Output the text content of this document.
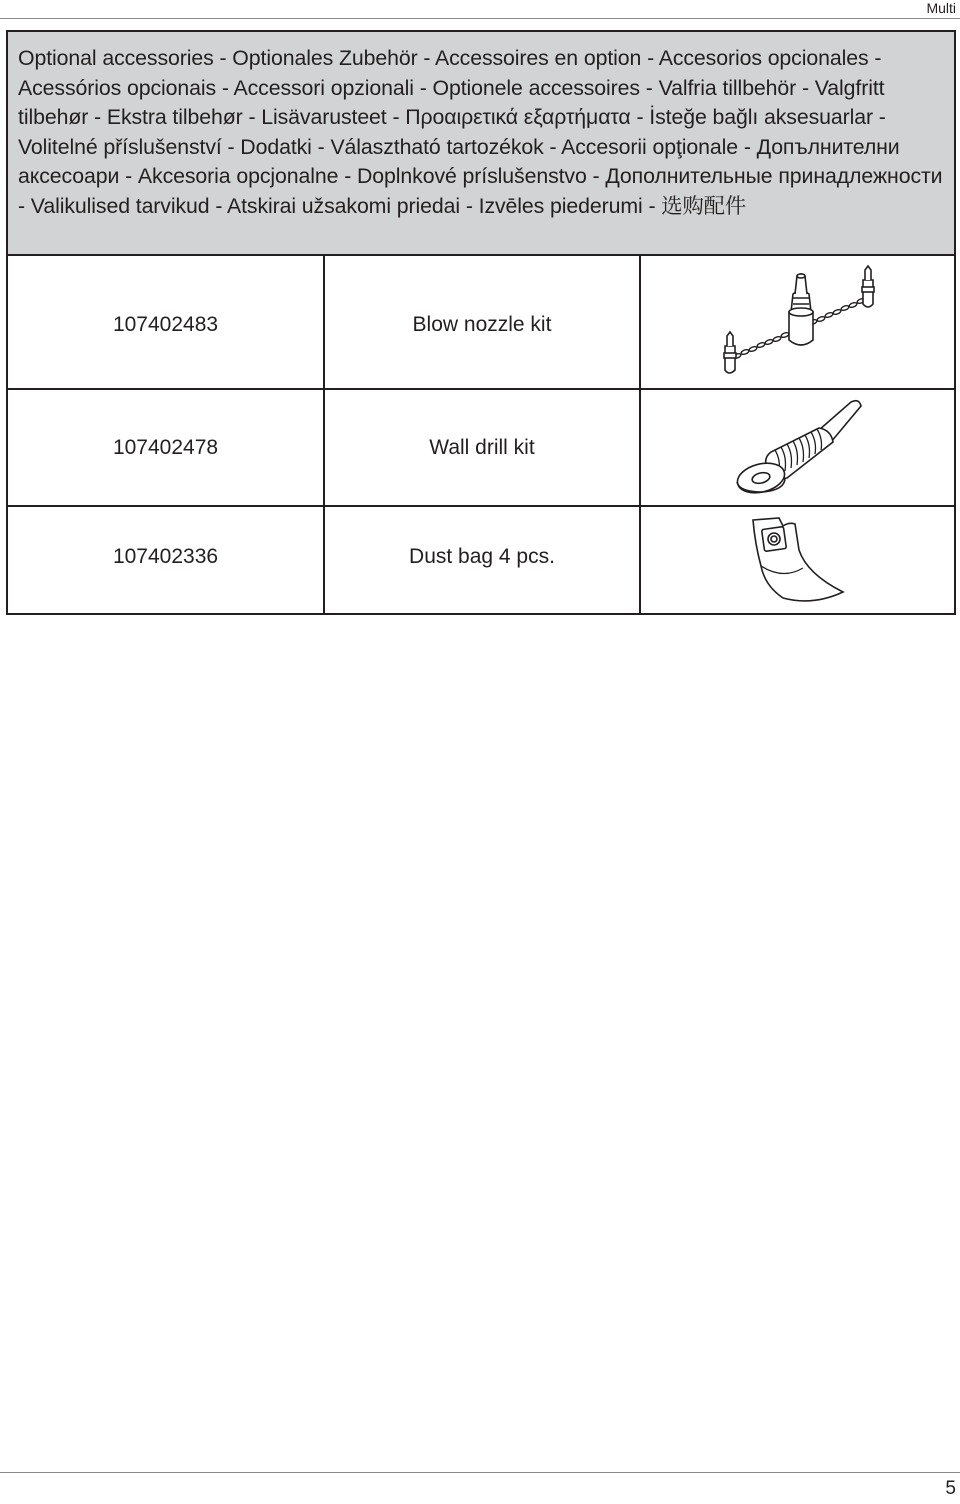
Multi
Optional accessories - Optionales Zubehör - Accessoires en option - Accesorios opcionales - Acessórios opcionais - Accessori opzionali - Optionele accessoires - Valfria tillbehör - Valgfritt tilbehør - Ekstra tilbehør - Lisävarusteet - Προαιρετικά εξαρτήματα - İsteğe bağlı aksesuarlar - Volitelné příslušenství - Dodatki - Választható tartozékok - Accesorii opţionale - Допълнителни аксесоари - Akcesoria opcjonalne - Doplnkové príslušenstvo - Дополнительные принадлежности - Valikulised tarvikud - Atskirai užsakomi priedai - Izvēles piederumi - 选购配件		
107402483	Blow nozzle kit	

107402478	Wall drill kit	

107402336	Dust bag 4 pcs.	
5
